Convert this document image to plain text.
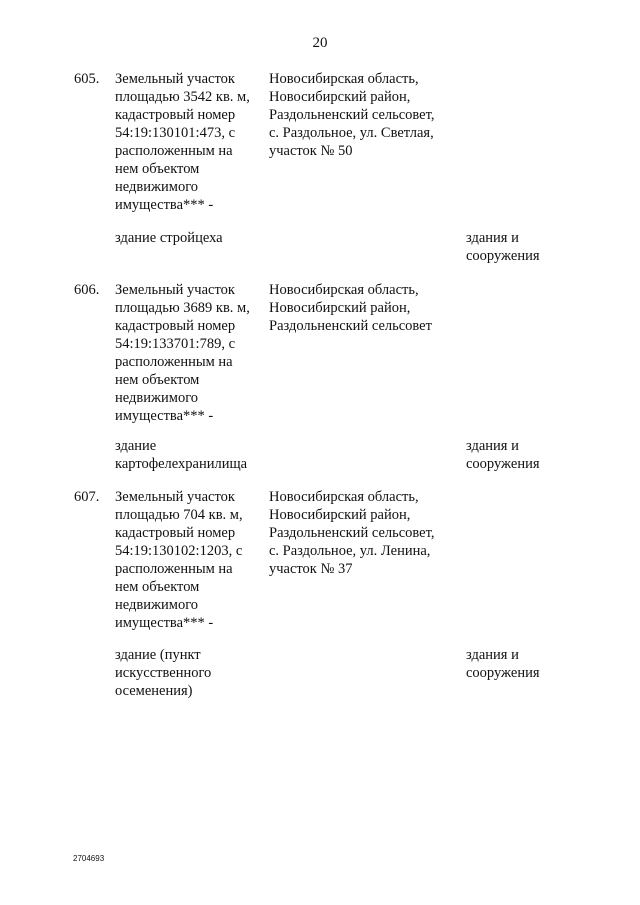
20
605. Земельный участок
площадью 3542 кв. м,
кадастровый номер
54:19:130101:473, с
расположенным на
нем объектом
недвижимого
имущества*** -
Новосибирская область,
Новосибирский район,
Раздольненский сельсовет,
с. Раздольное, ул. Светлая,
участок № 50
здание стройцеха	здания и
сооружения
606. Земельный участок
площадью 3689 кв. м,
кадастровый номер
54:19:133701:789, с
расположенным на
нем объектом
недвижимого
имущества*** -
Новосибирская область,
Новосибирский район,
Раздольненский сельсовет
здание
картофелехранилища
здания и
сооружения
607. Земельный участок
площадью 704 кв. м,
кадастровый номер
54:19:130102:1203, с
расположенным на
нем объектом
недвижимого
имущества*** -
Новосибирская область,
Новосибирский район,
Раздольненский сельсовет,
с. Раздольное, ул. Ленина,
участок № 37
здание (пункт
искусственного
осеменения)
здания и
сооружения
2704693
